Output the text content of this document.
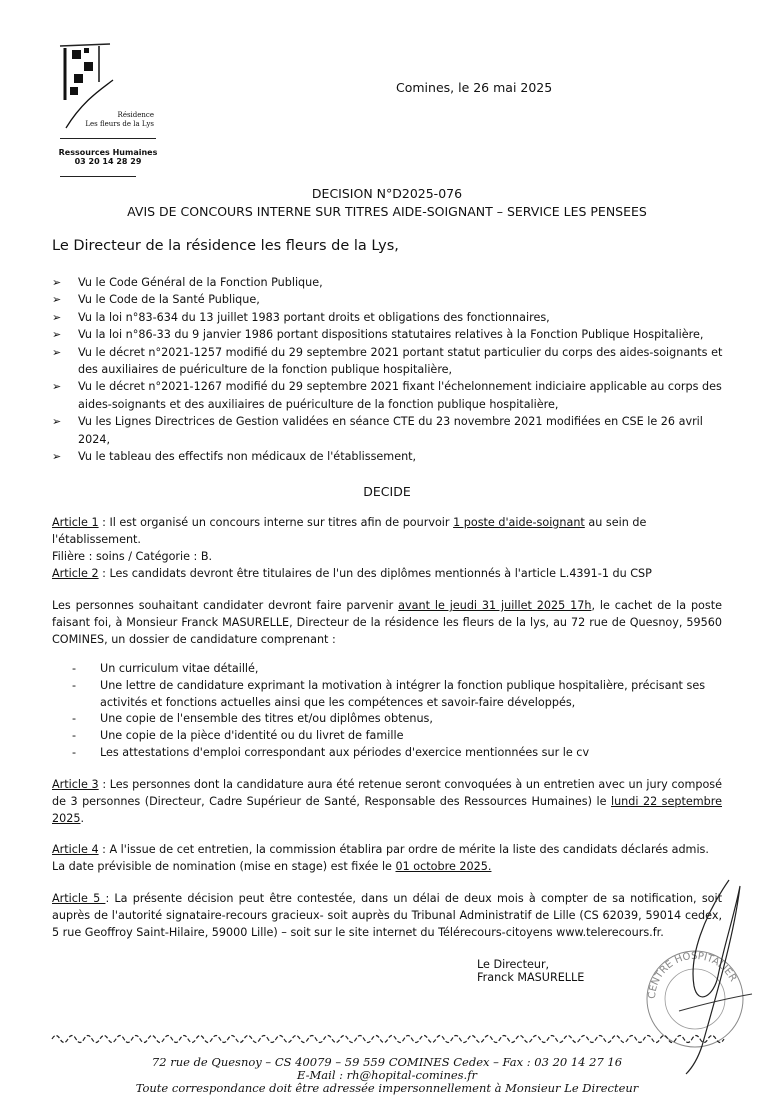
Résidence
Les fleurs de la Lys
Ressources Humaines
03 20 14 28 29
Comines, le 26 mai 2025
DECISION N°D2025-076
AVIS DE CONCOURS INTERNE SUR TITRES AIDE-SOIGNANT – SERVICE LES PENSEES
Le Directeur de la résidence les fleurs de la Lys,
➢ Vu le Code Général de la Fonction Publique,
➢ Vu le Code de la Santé Publique,
➢ Vu la loi n°83-634 du 13 juillet 1983 portant droits et obligations des fonctionnaires,
➢ Vu la loi n°86-33 du 9 janvier 1986 portant dispositions statutaires relatives à la Fonction Publique Hospitalière,
➢ Vu le décret n°2021-1257 modifié du 29 septembre 2021 portant statut particulier du corps des aides-soignants et des auxiliaires de puériculture de la fonction publique hospitalière,
➢ Vu le décret n°2021-1267 modifié du 29 septembre 2021 fixant l'échelonnement indiciaire applicable au corps des aides-soignants et des auxiliaires de puériculture de la fonction publique hospitalière,
➢ Vu les Lignes Directrices de Gestion validées en séance CTE du 23 novembre 2021 modifiées en CSE le 26 avril 2024,
➢ Vu le tableau des effectifs non médicaux de l'établissement,
DECIDE
Article 1 : Il est organisé un concours interne sur titres afin de pourvoir 1 poste d'aide-soignant au sein de l'établissement.
Filière : soins / Catégorie : B.
Article 2 : Les candidats devront être titulaires de l'un des diplômes mentionnés à l'article L.4391-1 du CSP
Les personnes souhaitant candidater devront faire parvenir avant le jeudi 31 juillet 2025 17h, le cachet de la poste faisant foi, à Monsieur Franck MASURELLE, Directeur de la résidence les fleurs de la lys, au 72 rue de Quesnoy, 59560 COMINES, un dossier de candidature comprenant :
- Un curriculum vitae détaillé,
- Une lettre de candidature exprimant la motivation à intégrer la fonction publique hospitalière, précisant ses activités et fonctions actuelles ainsi que les compétences et savoir-faire développés,
- Une copie de l'ensemble des titres et/ou diplômes obtenus,
- Une copie de la pièce d'identité ou du livret de famille
- Les attestations d'emploi correspondant aux périodes d'exercice mentionnées sur le cv
Article 3 : Les personnes dont la candidature aura été retenue seront convoquées à un entretien avec un jury composé de 3 personnes (Directeur, Cadre Supérieur de Santé, Responsable des Ressources Humaines) le lundi 22 septembre 2025.
Article 4 : A l'issue de cet entretien, la commission établira par ordre de mérite la liste des candidats déclarés admis.
La date prévisible de nomination (mise en stage) est fixée le 01 octobre 2025.
Article 5 : La présente décision peut être contestée, dans un délai de deux mois à compter de sa notification, soit auprès de l'autorité signataire-recours gracieux- soit auprès du Tribunal Administratif de Lille (CS 62039, 59014 cedex, 5 rue Geoffroy Saint-Hilaire, 59000 Lille) – soit sur le site internet du Télérecours-citoyens www.telerecours.fr.
CENTRE HOSPITALIER
Le Directeur,
Franck MASURELLE
72 rue de Quesnoy – CS 40079 – 59 559 COMINES Cedex – Fax : 03 20 14 27 16
E-Mail : rh@hopital-comines.fr
Toute correspondance doit être adressée impersonnellement à Monsieur Le Directeur
